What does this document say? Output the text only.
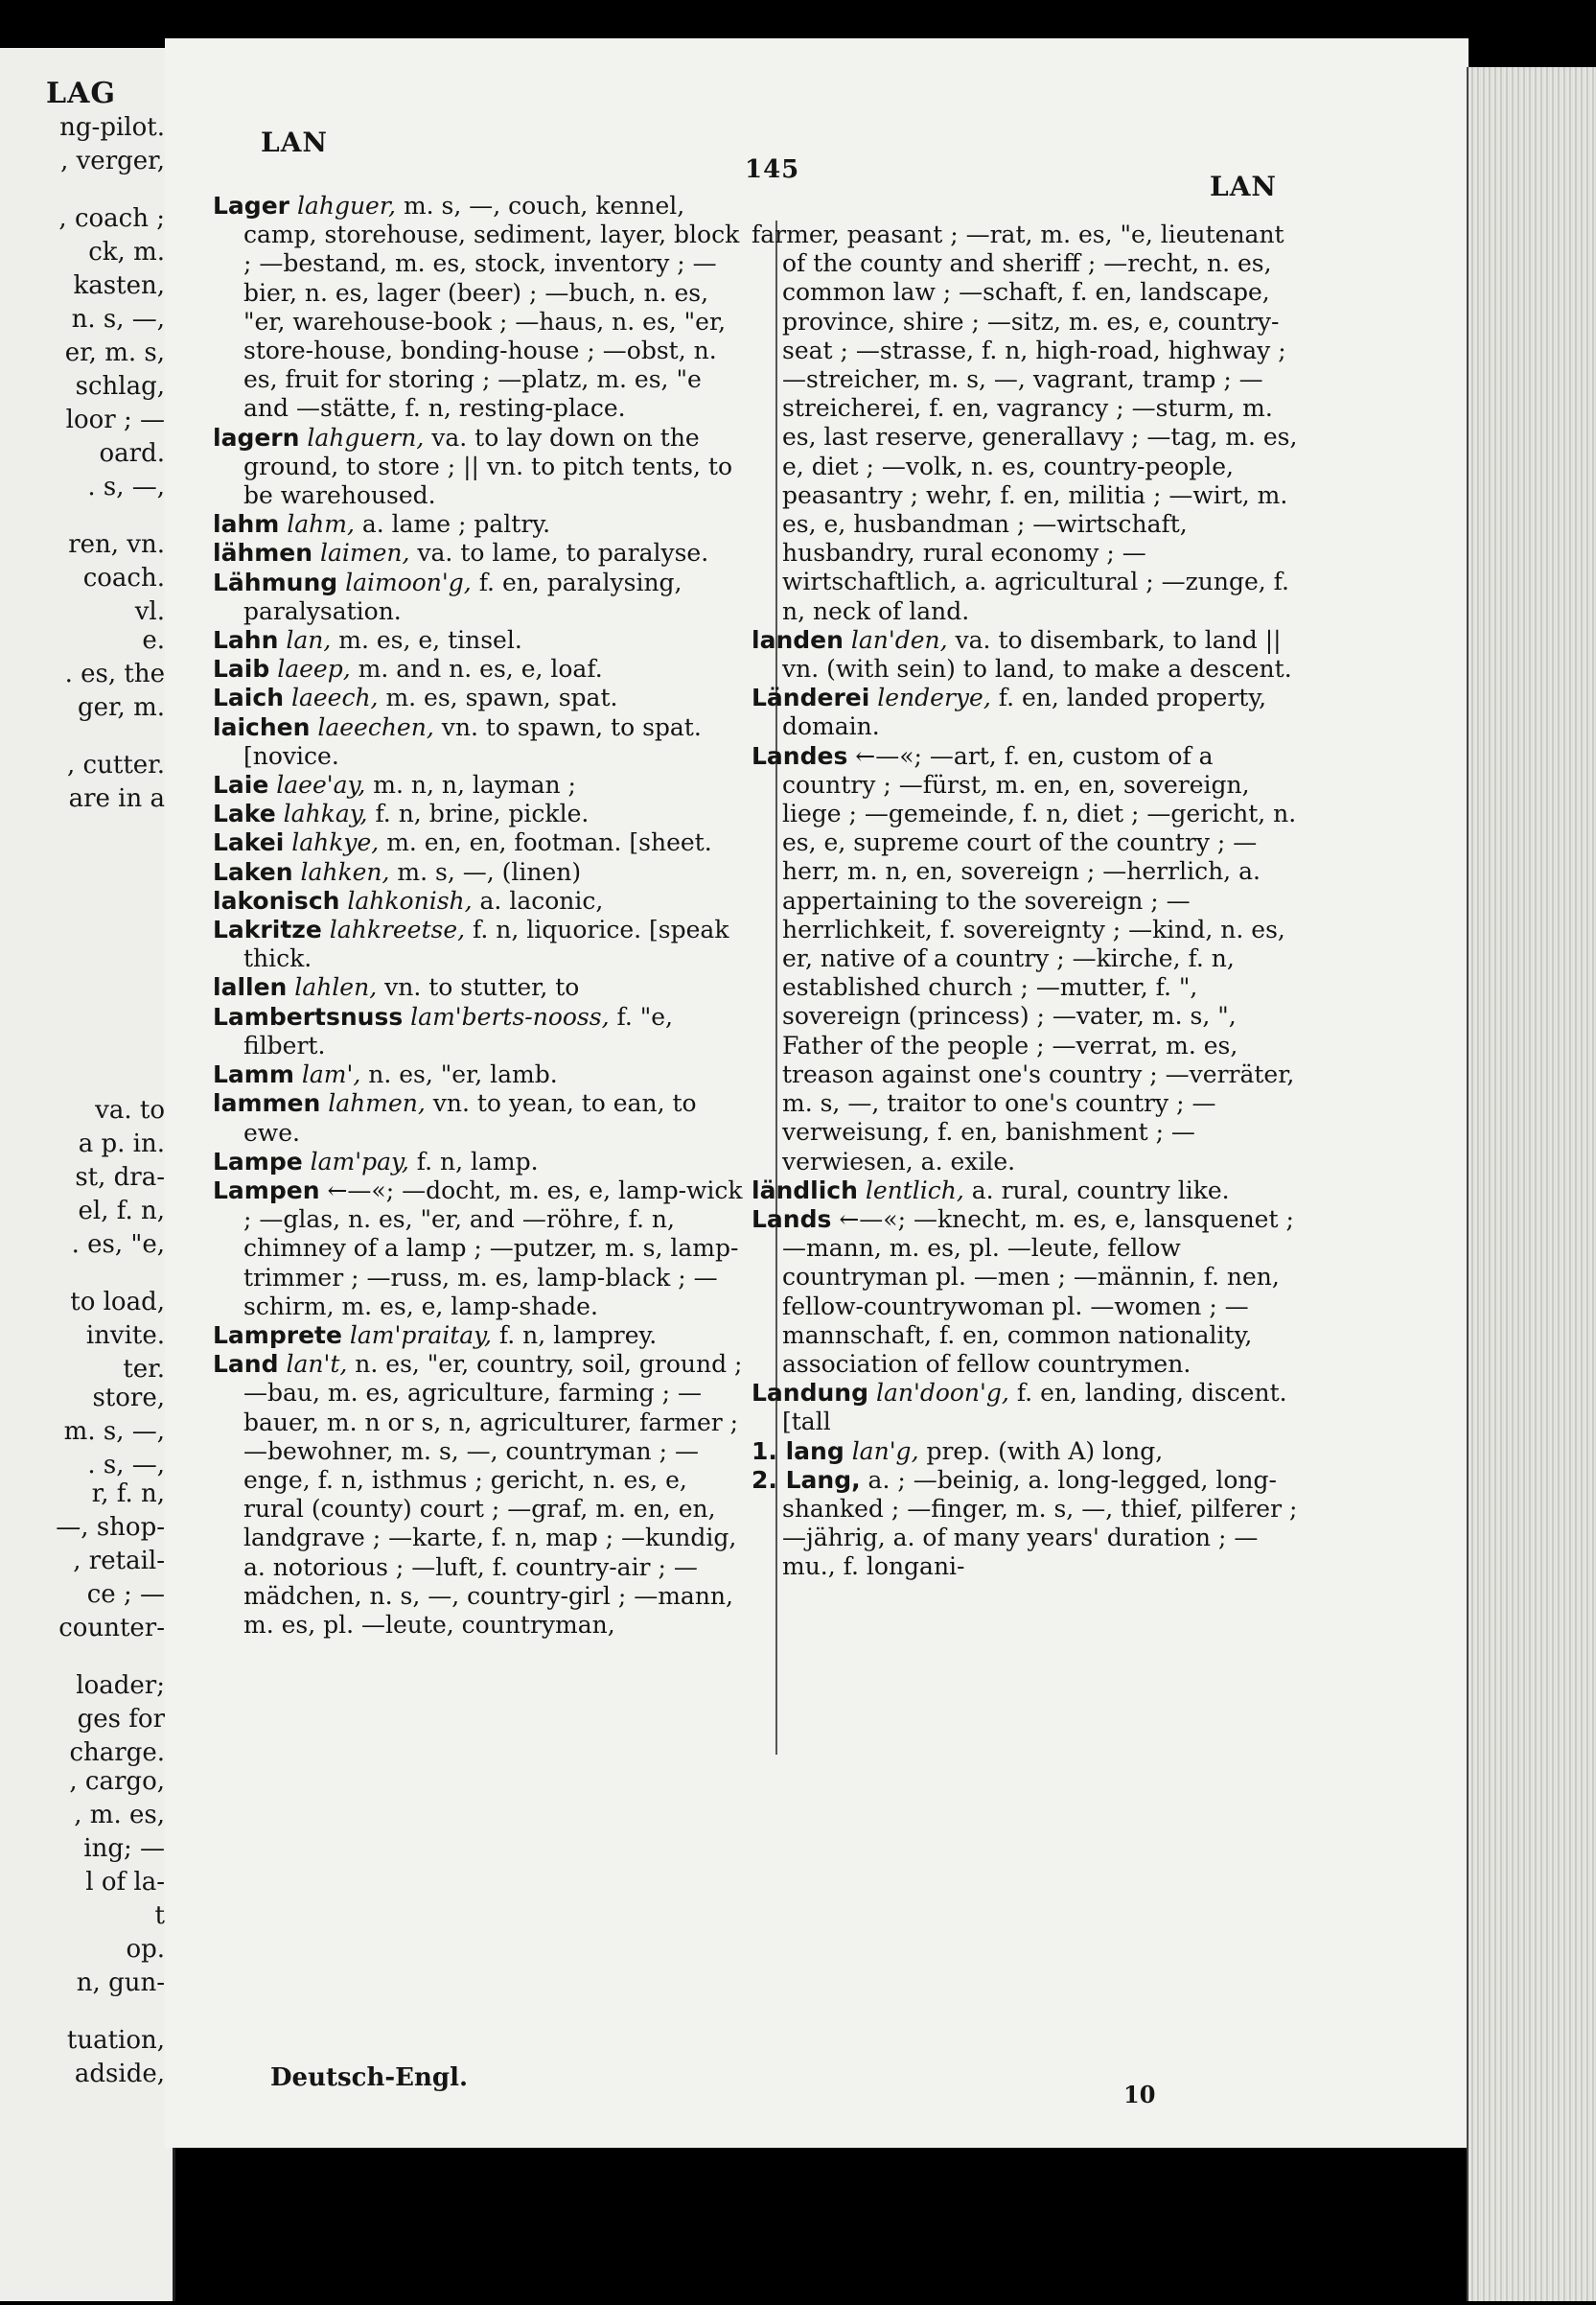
LAG
ng-pilot.
, verger,
, coach ;
ck, m.
kasten,
n. s, —,
er, m. s,
schlag,
loor ; —
oard.
. s, —,
ren, vn.
coach.
vl.
e.
. es, the
ger, m.
, cutter.
are in a
va. to
a p. in.
st, dra-
el, f. n,
. es, "e,
to load,
invite.
ter.
store,
m. s, —,
. s, —,
r, f. n,
—, shop-
, retail-
ce ; —
counter-
loader;
ges for
charge.
, cargo,
, m. es,
ing; —
l of la-
t
op.
n, gun-
tuation,
adside,
LAN
145
LAN

Lager lahguer, m. s, —, couch, kennel, camp, storehouse, sediment, layer, block ; —bestand, m. es, stock, inventory ; —bier, n. es, lager (beer) ; —buch, n. es, "er, warehouse-book ; —haus, n. es, "er, store-house, bonding-house ; —obst, n. es, fruit for storing ; —platz, m. es, "e and —stätte, f. n, resting-place.

lagern lahguern, va. to lay down on the ground, to store ; || vn. to pitch tents, to be warehoused.

lahm lahm, a. lame ; paltry.

lähmen laimen, va. to lame, to paralyse.

Lähmung laimoon'g, f. en, paralysing, paralysation.

Lahn lan, m. es, e, tinsel.

Laib laeep, m. and n. es, e, loaf.

Laich laeech, m. es, spawn, spat.

laichen laeechen, vn. to spawn, to spat. [novice.

Laie laee'ay, m. n, n, layman ;

Lake lahkay, f. n, brine, pickle.

Lakei lahkye, m. en, en, footman. [sheet.

Laken lahken, m. s, —, (linen)

lakonisch lahkonish, a. laconic,

Lakritze lahkreetse, f. n, liquorice. [speak thick.

lallen lahlen, vn. to stutter, to

Lambertsnuss lam'berts-nooss, f. "e, filbert.

Lamm lam', n. es, "er, lamb.

lammen lahmen, vn. to yean, to ean, to ewe.

Lampe lam'pay, f. n, lamp.

Lampen ←—«; —docht, m. es, e, lamp-wick ; —glas, n. es, "er, and —röhre, f. n, chimney of a lamp ; —putzer, m. s, lamp-trimmer ; —russ, m. es, lamp-black ; —schirm, m. es, e, lamp-shade.

Lamprete lam'praitay, f. n, lamprey.

Land lan't, n. es, "er, country, soil, ground ; —bau, m. es, agriculture, farming ; —bauer, m. n or s, n, agriculturer, farmer ; —bewohner, m. s, —, countryman ; —enge, f. n, isthmus ; gericht, n. es, e, rural (county) court ; —graf, m. en, en, landgrave ; —karte, f. n, map ; —kundig, a. notorious ; —luft, f. country-air ; —mädchen, n. s, —, country-girl ; —mann, m. es, pl. —leute, countryman,

farmer, peasant ; —rat, m. es, "e, lieutenant of the county and sheriff ; —recht, n. es, common law ; —schaft, f. en, landscape, province, shire ; —sitz, m. es, e, country-seat ; —strasse, f. n, high-road, highway ; —streicher, m. s, —, vagrant, tramp ; —streicherei, f. en, vagrancy ; —sturm, m. es, last reserve, generallavy ; —tag, m. es, e, diet ; —volk, n. es, country-people, peasantry ; wehr, f. en, militia ; —wirt, m. es, e, husbandman ; —wirtschaft, husbandry, rural economy ; —wirtschaftlich, a. agricultural ; —zunge, f. n, neck of land.

landen lan'den, va. to disembark, to land || vn. (with sein) to land, to make a descent.

Länderei lenderye, f. en, landed property, domain.

Landes ←—«; —art, f. en, custom of a country ; —fürst, m. en, en, sovereign, liege ; —gemeinde, f. n, diet ; —gericht, n. es, e, supreme court of the country ; —herr, m. n, en, sovereign ; —herrlich, a. appertaining to the sovereign ; —herrlichkeit, f. sovereignty ; —kind, n. es, er, native of a country ; —kirche, f. n, established church ; —mutter, f. ", sovereign (princess) ; —vater, m. s, ", Father of the people ; —verrat, m. es, treason against one's country ; —verräter, m. s, —, traitor to one's country ; —verweisung, f. en, banishment ; —verwiesen, a. exile.

ländlich lentlich, a. rural, country like.

Lands ←—«; —knecht, m. es, e, lansquenet ; —mann, m. es, pl. —leute, fellow countryman pl. —men ; —männin, f. nen, fellow-countrywoman pl. —women ; —mannschaft, f. en, common nationality, association of fellow countrymen.

Landung lan'doon'g, f. en, landing, discent. [tall

1. lang lan'g, prep. (with A) long,

2. Lang, a. ; —beinig, a. long-legged, long-shanked ; —finger, m. s, —, thief, pilferer ; —jährig, a. of many years' duration ; —mu., f. longani-

Deutsch-Engl.
10
